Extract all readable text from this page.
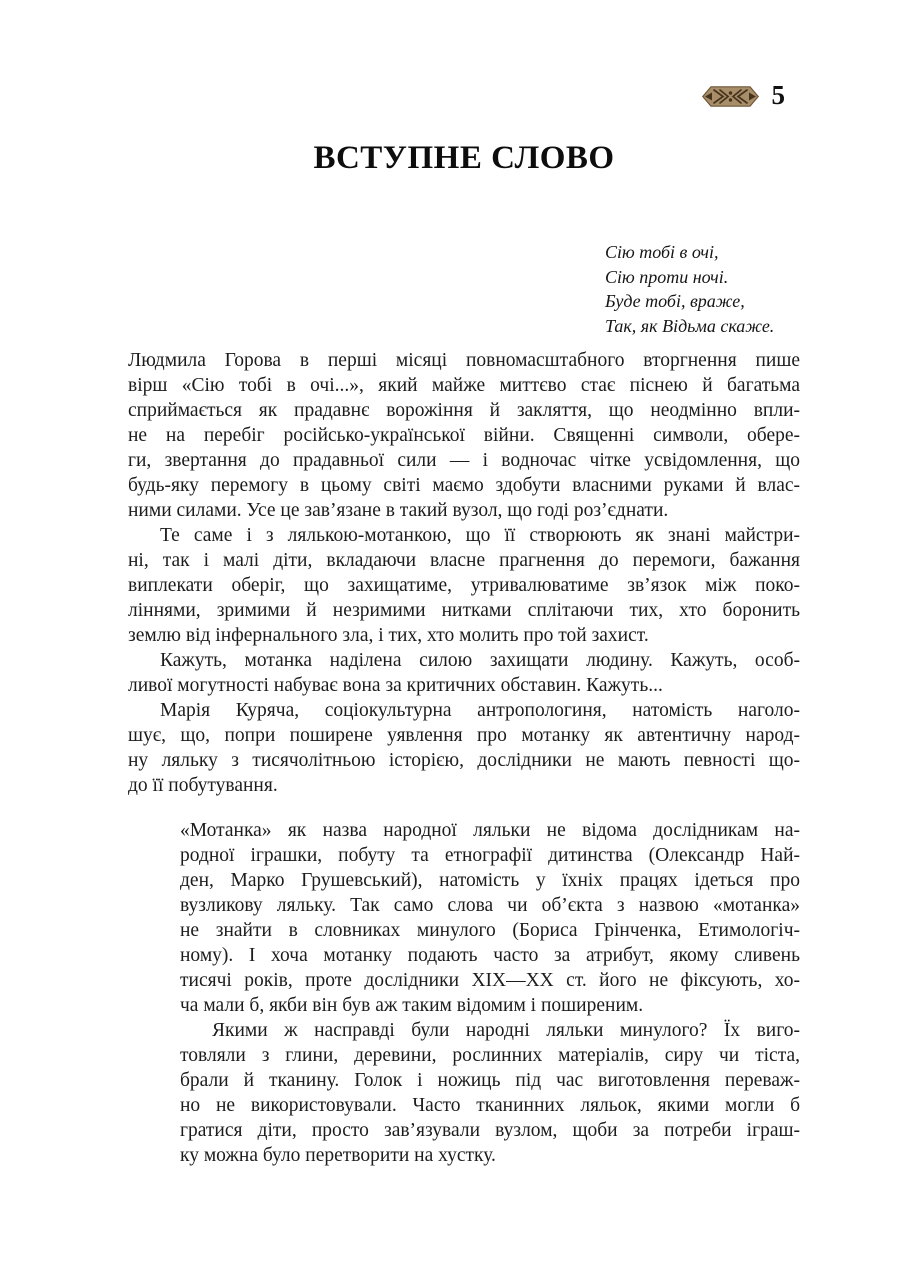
5
ВСТУПНЕ СЛОВО
Сію тобі в очі,
Сію проти ночі.
Буде тобі, враже,
Так, як Відьма скаже.
Людмила Горова в перші місяці повномасштабного вторгнення пише
вірш «Сію тобі в очі...», який майже миттєво стає піснею й багатьма
сприймається як прадавнє ворожіння й закляття, що неодмінно впли-
не на перебіг російсько-української війни. Священні символи, обере-
ги, звертання до прадавньої сили — і водночас чітке усвідомлення, що
будь-яку перемогу в цьому світі маємо здобути власними руками й влас-
ними силами. Усе це зав’язане в такий вузол, що годі роз’єднати.
Те саме і з лялькою-мотанкою, що її створюють як знані майстри-
ні, так і малі діти, вкладаючи власне прагнення до перемоги, бажання
виплекати оберіг, що захищатиме, утривалюватиме зв’язок між поко-
ліннями, зримими й незримими нитками сплітаючи тих, хто боронить
землю від інфернального зла, і тих, хто молить про той захист.
Кажуть, мотанка наділена силою захищати людину. Кажуть, особ-
ливої могутності набуває вона за критичних обставин. Кажуть...
Марія Куряча, соціокультурна антропологиня, натомість наголо-
шує, що, попри поширене уявлення про мотанку як автентичну народ-
ну ляльку з тисячолітньою історією, дослідники не мають певності що-
до її побутування.
«Мотанка» як назва народної ляльки не відома дослідникам на-
родної іграшки, побуту та етнографії дитинства (Олександр Най-
ден, Марко Грушевський), натомість у їхніх працях ідеться про
вузликову ляльку. Так само слова чи об’єкта з назвою «мотанка»
не знайти в словниках минулого (Бориса Грінченка, Етимологіч-
ному). І хоча мотанку подають часто за атрибут, якому сливень
тисячі років, проте дослідники XIX—XX ст. його не фіксують, хо-
ча мали б, якби він був аж таким відомим і поширеним.
Якими ж насправді були народні ляльки минулого? Їх виго-
товляли з глини, деревини, рослинних матеріалів, сиру чи тіста,
брали й тканину. Голок і ножиць під час виготовлення переваж-
но не використовували. Часто тканинних ляльок, якими могли б
гратися діти, просто зав’язували вузлом, щоби за потреби іграш-
ку можна було перетворити на хустку.
